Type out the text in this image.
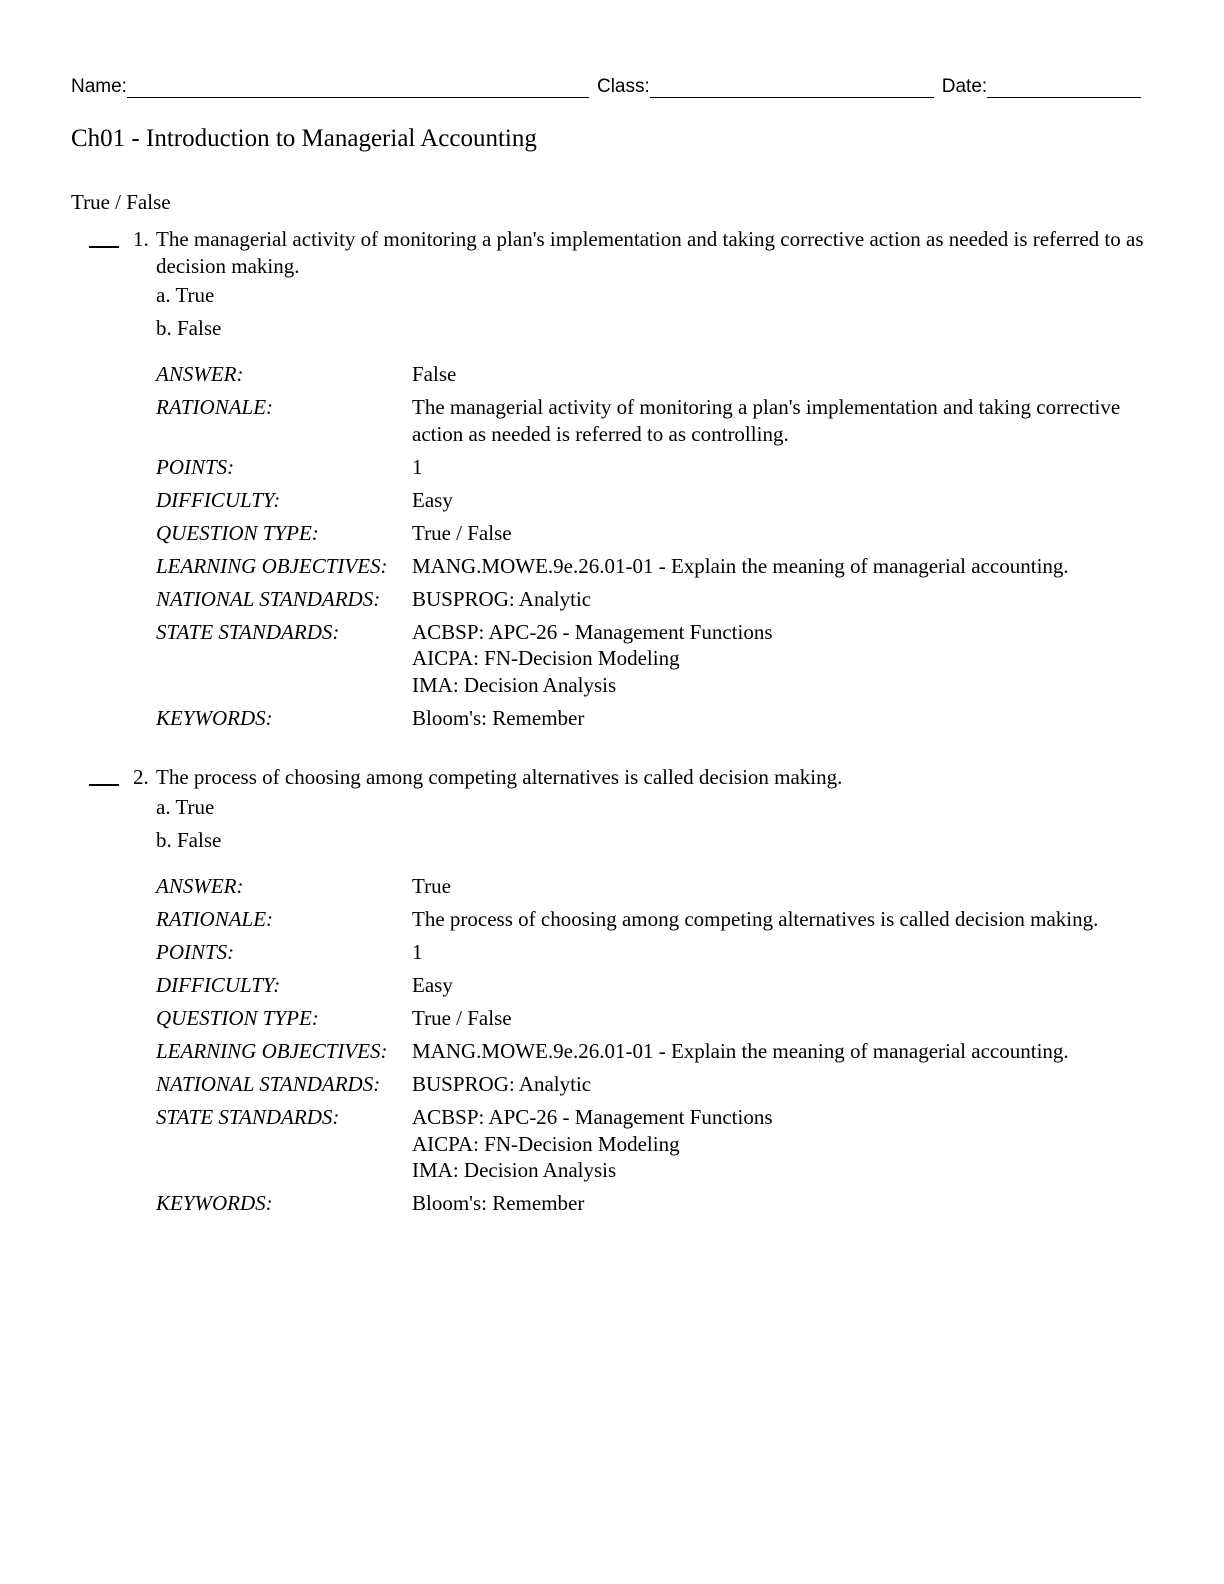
Name:	Class:	Date:
Ch01 - Introduction to Managerial Accounting
True / False
1. The managerial activity of monitoring a plan's implementation and taking corrective action as needed is referred to as decision making.
a. True
b. False
ANSWER:	False
RATIONALE:	The managerial activity of monitoring a plan's implementation and taking corrective action as needed is referred to as controlling.
POINTS:	1
DIFFICULTY:	Easy
QUESTION TYPE:	True / False
LEARNING OBJECTIVES:	MANG.MOWE.9e.26.01-01 - Explain the meaning of managerial accounting.
NATIONAL STANDARDS:	BUSPROG: Analytic
STATE STANDARDS:	ACBSP: APC-26 - Management Functions
AICPA: FN-Decision Modeling
IMA: Decision Analysis

KEYWORDS:	Bloom's: Remember
2. The process of choosing among competing alternatives is called decision making.
a. True
b. False
ANSWER:	True
RATIONALE:	The process of choosing among competing alternatives is called decision making.
POINTS:	1
DIFFICULTY:	Easy
QUESTION TYPE:	True / False
LEARNING OBJECTIVES:	MANG.MOWE.9e.26.01-01 - Explain the meaning of managerial accounting.
NATIONAL STANDARDS:	BUSPROG: Analytic
STATE STANDARDS:	ACBSP: APC-26 - Management Functions
AICPA: FN-Decision Modeling
IMA: Decision Analysis

KEYWORDS:	Bloom's: Remember
